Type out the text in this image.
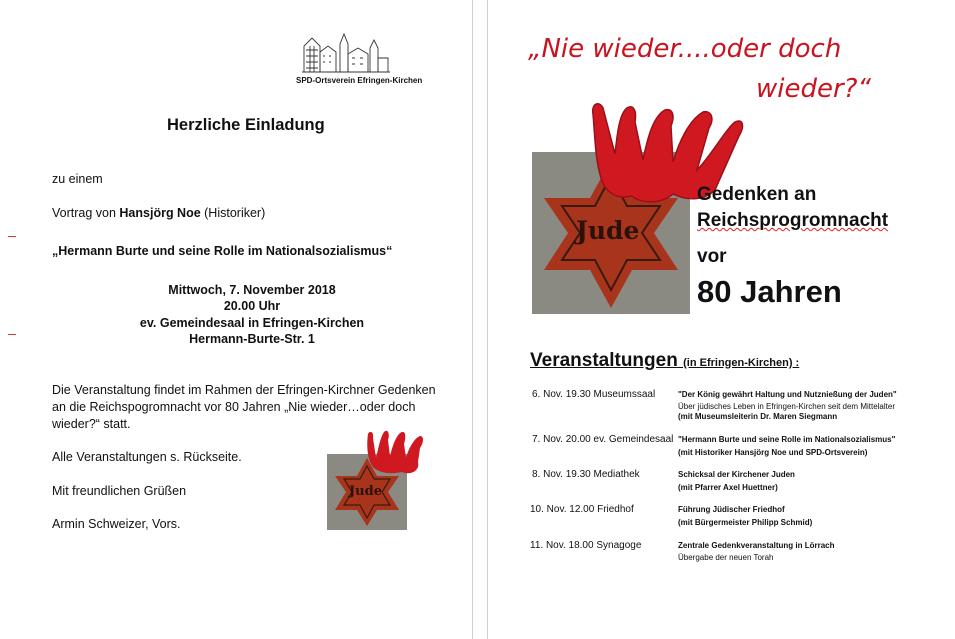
SPD-Ortsverein Efringen-Kirchen
Herzliche Einladung
zu einem
Vortrag von Hansjörg Noe (Historiker)
„Hermann Burte und seine Rolle im Nationalsozialismus“
Mittwoch, 7. November 2018
20.00 Uhr
ev. Gemeindesaal in Efringen-Kirchen
Hermann-Burte-Str. 1
Die Veranstaltung findet im Rahmen der Efringen-Kirchner Gedenken
an die Reichspogromnacht vor 80 Jahren „Nie wieder…oder doch
wieder?“ statt.
Alle Veranstaltungen s. Rückseite.
Mit freundlichen Grüßen
Armin Schweizer, Vors.
Jude
„Nie wieder....oder doch
wieder?“
Jude
Gedenken an
Reichsprogromnacht
vor
80 Jahren
Veranstaltungen (in Efringen-Kirchen) :
6. Nov. 19.30 Museumssaal	"Der König gewährt Haltung und Nutznießung der Juden"
Über jüdisches Leben in Efringen-Kirchen seit dem Mittelalter
(mit Museumsleiterin Dr. Maren Siegmann
7. Nov. 20.00 ev. Gemeindesaal "Hermann Burte und seine Rolle im Nationalsozialismus"
(mit Historiker Hansjörg Noe und SPD-Ortsverein)
8. Nov. 19.30 Mediathek	Schicksal der Kirchener Juden
(mit Pfarrer Axel Huettner)
10. Nov. 12.00 Friedhof	Führung Jüdischer Friedhof
(mit Bürgermeister Philipp Schmid)
11. Nov. 18.00 Synagoge	Zentrale Gedenkveranstaltung in Lörrach
Übergabe der neuen Torah
